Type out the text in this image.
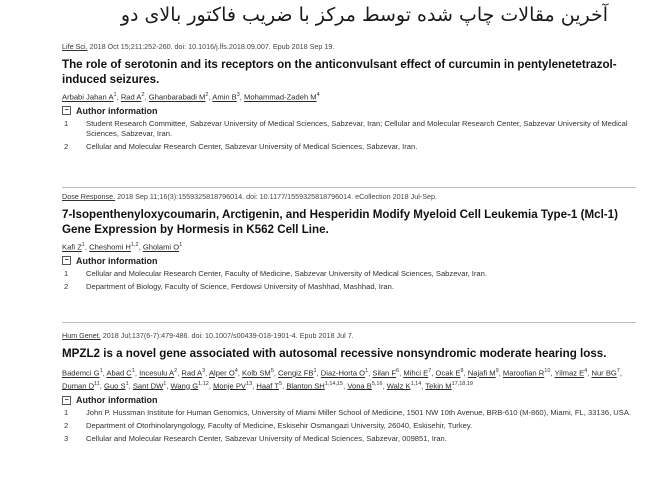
آخرین مقالات چاپ شده توسط مرکز با ضریب فاکتور بالای دو
Life Sci. 2018 Oct 15;211:252-260. doi: 10.1016/j.lfs.2018.09.007. Epub 2018 Sep 19.
The role of serotonin and its receptors on the anticonvulsant effect of curcumin in pentylenetetrazol-induced seizures.
Arbabi Jahan $A^1$, Rad $A^2$, Ghanbarabadi $M^2$, Amin $B^3$, Mohammad-Zadeh $M^4$
− Author information
1	Student Research Committee, Sabzevar University of Medical Sciences, Sabzevar, Iran; Cellular and Molecular Research Center, Sabzevar University of Medical Sciences, Sabzevar, Iran.
2	Cellular and Molecular Research Center, Sabzevar University of Medical Sciences, Sabzevar, Iran.
Dose Response. 2018 Sep 11;16(3):1559325818796014. doi: 10.1177/1559325818796014. eCollection 2018 Jul-Sep.
7-Isopenthenyloxycoumarin, Arctigenin, and Hesperidin Modify Myeloid Cell Leukemia Type-1 (Mcl-1) Gene Expression by Hormesis in K562 Cell Line.
Kafi $Z^1$, Cheshomi H$^{1,2}$, Gholami $O^1$
− Author information
1	Cellular and Molecular Research Center, Faculty of Medicine, Sabzevar University of Medical Sciences, Sabzevar, Iran.
2	Department of Biology, Faculty of Science, Ferdowsi University of Mashhad, Mashhad, Iran.
Hum Genet. 2018 Jul;137(6-7):479-486. doi: 10.1007/s00439-018-1901-4. Epub 2018 Jul 7.
MPZL2 is a novel gene associated with autosomal recessive nonsyndromic moderate hearing loss.
Bademci $G^1$, Abad $C^1$, Incesulu $A^2$, Rad $A^3$, Alper $O^4$, Kolb $SM^5$, Cengiz $FB^1$, Diaz-Horta $O^1$, Silan $F^6$, Mihci $E^7$, Ocak $E^8$, Najafi $M^9$, Maroofian $R^{10}$, Yilmaz $E^4$, Nur $BG^7$, Duman $D^{11}$, Guo $S^1$, Sant $DW^1$, Wang G$^{1,12}$, Monje PV$^{13}$, Haaf $T^5$, Blanton SH$^{1,14,15}$, Vona B$^{5,16}$, Walz K$^{1,14}$, Tekin M$^{17,18,19}$
− Author information
1	John P. Hussman Institute for Human Genomics, University of Miami Miller School of Medicine, 1501 NW 10th Avenue, BRB-610 (M-860), Miami, FL, 33136, USA.
2	Department of Otorhinolaryngology, Faculty of Medicine, Eskisehir Osmangazi University, 26040, Eskisehir, Turkey.
3	Cellular and Molecular Research Center, Sabzevar University of Medical Sciences, Sabzevar, 009851, Iran.
